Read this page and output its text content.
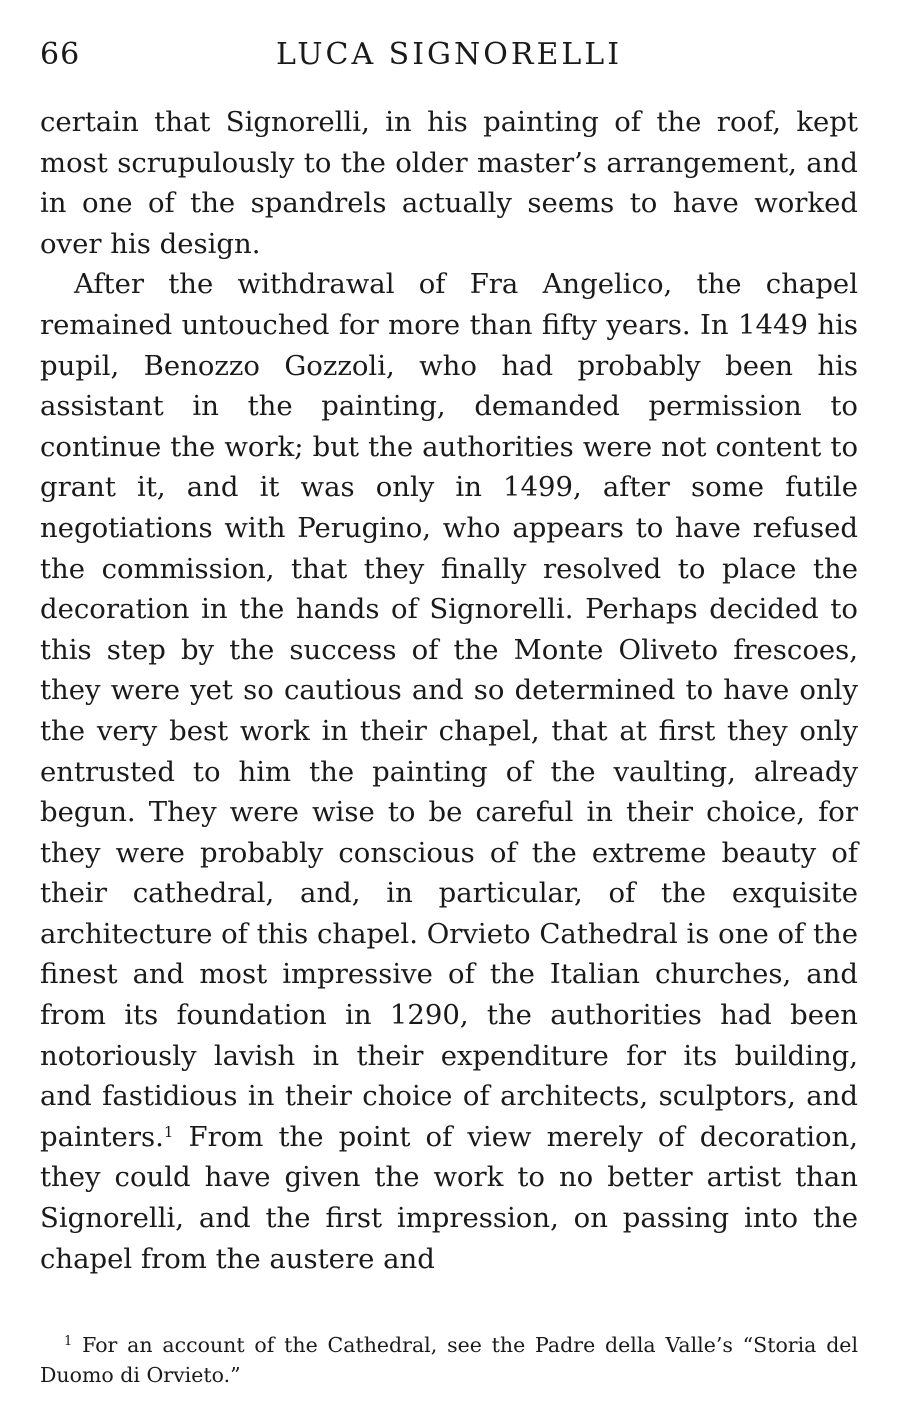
66	LUCA SIGNORELLI

certain that Signorelli, in his painting of the roof, kept most scrupulously to the older master’s arrangement, and in one of the spandrels actually seems to have worked over his design.

After the withdrawal of Fra Angelico, the chapel remained untouched for more than fifty years. In 1449 his pupil, Benozzo Gozzoli, who had probably been his assistant in the painting, demanded permission to continue the work; but the authorities were not content to grant it, and it was only in 1499, after some futile negotiations with Perugino, who appears to have refused the commission, that they finally resolved to place the decoration in the hands of Signorelli. Perhaps decided to this step by the success of the Monte Oliveto frescoes, they were yet so cautious and so determined to have only the very best work in their chapel, that at first they only entrusted to him the painting of the vaulting, already begun. They were wise to be careful in their choice, for they were probably conscious of the extreme beauty of their cathedral, and, in particular, of the exquisite architecture of this chapel. Orvieto Cathedral is one of the finest and most impressive of the Italian churches, and from its foundation in 1290, the authorities had been notoriously lavish in their expenditure for its building, and fastidious in their choice of architects, sculptors, and painters.$^1$ From the point of view merely of decoration, they could have given the work to no better artist than Signorelli, and the first impression, on passing into the chapel from the austere and

$^1$ For an account of the Cathedral, see the Padre della Valle’s “Storia del Duomo di Orvieto.”
